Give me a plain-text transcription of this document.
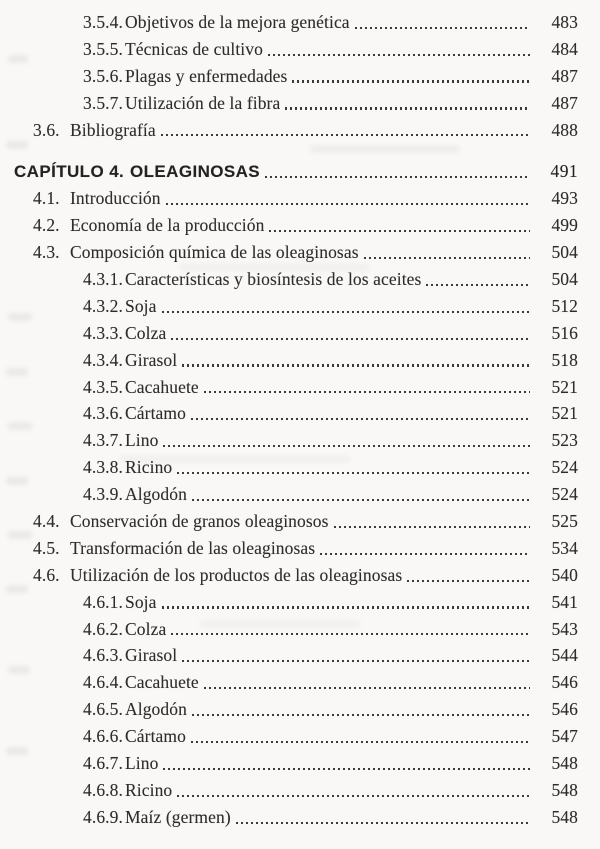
3.5.4. Objetivos de la mejora genética	483
3.5.5. Técnicas de cultivo	484
3.5.6. Plagas y enfermedades	487
3.5.7. Utilización de la fibra	487
3.6. Bibliografía	488
CAPÍTULO 4. OLEAGINOSAS	491
4.1. Introducción	493
4.2. Economía de la producción	499
4.3. Composición química de las oleaginosas	504
4.3.1. Características y biosíntesis de los aceites	504
4.3.2. Soja	512
4.3.3. Colza	516
4.3.4. Girasol	518
4.3.5. Cacahuete	521
4.3.6. Cártamo	521
4.3.7. Lino	523
4.3.8. Ricino	524
4.3.9. Algodón	524
4.4. Conservación de granos oleaginosos	525
4.5. Transformación de las oleaginosas	534
4.6. Utilización de los productos de las oleaginosas	540
4.6.1. Soja	541
4.6.2. Colza	543
4.6.3. Girasol	544
4.6.4. Cacahuete	546
4.6.5. Algodón	546
4.6.6. Cártamo	547
4.6.7. Lino	548
4.6.8. Ricino	548
4.6.9. Maíz (germen)	548
